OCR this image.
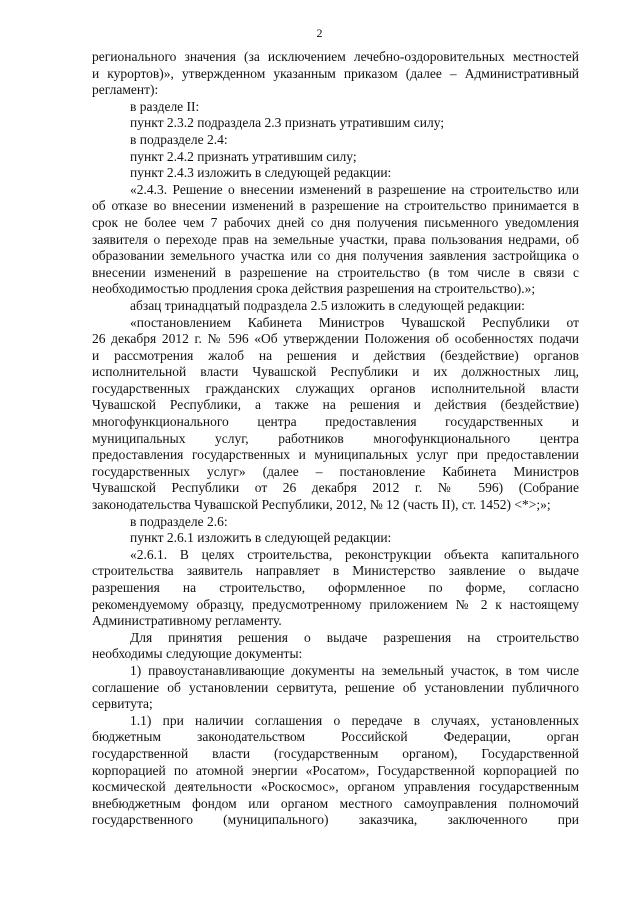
2
регионального значения (за исключением лечебно-оздоровительных местностей
и курортов)», утвержденном указанным приказом (далее – Административный
регламент):
в разделе II:
пункт 2.3.2 подраздела 2.3 признать утратившим силу;
в подразделе 2.4:
пункт 2.4.2 признать утратившим силу;
пункт 2.4.3 изложить в следующей редакции:
«2.4.3. Решение о внесении изменений в разрешение на строительство или
об отказе во внесении изменений в разрешение на строительство принимается в
срок не более чем 7 рабочих дней со дня получения письменного уведомления
заявителя о переходе прав на земельные участки, права пользования недрами, об
образовании земельного участка или со дня получения заявления застройщика о
внесении изменений в разрешение на строительство (в том числе в связи с
необходимостью продления срока действия разрешения на строительство).»;
абзац тринадцатый подраздела 2.5 изложить в следующей редакции:
«постановлением Кабинета Министров Чувашской Республики от
26 декабря 2012 г. № 596 «Об утверждении Положения об особенностях подачи
и рассмотрения жалоб на решения и действия (бездействие) органов
исполнительной власти Чувашской Республики и их должностных лиц,
государственных гражданских служащих органов исполнительной власти
Чувашской Республики, а также на решения и действия (бездействие)
многофункционального центра предоставления государственных и
муниципальных услуг, работников многофункционального центра
предоставления государственных и муниципальных услуг при предоставлении
государственных услуг» (далее – постановление Кабинета Министров
Чувашской Республики от 26 декабря 2012 г. № 596) (Собрание
законодательства Чувашской Республики, 2012, № 12 (часть II), ст. 1452) <*>;»;
в подразделе 2.6:
пункт 2.6.1 изложить в следующей редакции:
«2.6.1. В целях строительства, реконструкции объекта капитального
строительства заявитель направляет в Министерство заявление о выдаче
разрешения на строительство, оформленное по форме, согласно
рекомендуемому образцу, предусмотренному приложением № 2 к настоящему
Административному регламенту.
Для принятия решения о выдаче разрешения на строительство
необходимы следующие документы:
1) правоустанавливающие документы на земельный участок, в том числе
соглашение об установлении сервитута, решение об установлении публичного
сервитута;
1.1) при наличии соглашения о передаче в случаях, установленных
бюджетным законодательством Российской Федерации, орган
государственной власти (государственным органом), Государственной
корпорацией по атомной энергии «Росатом», Государственной корпорацией по
космической деятельности «Роскосмос», органом управления государственным
внебюджетным фондом или органом местного самоуправления полномочий
государственного (муниципального) заказчика, заключенного при
